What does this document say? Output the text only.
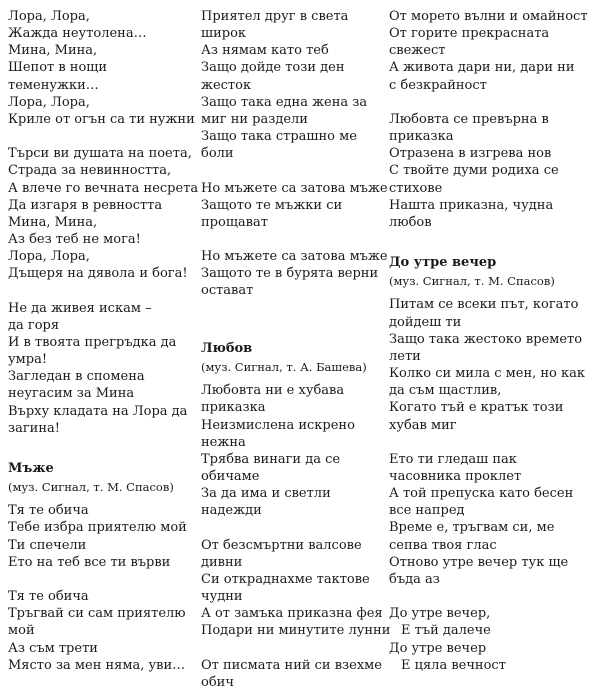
Лора, Лора,
Жажда неутолена…
Мина, Мина,
Шепот в нощи
теменужки…
Лора, Лора,
Криле от огън са ти нужни
Търси ви душата на поета,
Страда за невинността,
А влече го вечната несрета
Да изгаря в ревността
Мина, Мина,
Аз без теб не мога!
Лора, Лора,
Дъщеря на дявола и бога!
Не да живея искам –
да горя
И в твоята прегръдка да
умра!
Загледан в спомена
неугасим за Мина
Върху кладата на Лора да
загина!
Мъже
(муз. Сигнал, т. М. Спасов)
Тя те обича
Тебе избра приятелю мой
Ти спечели
Ето на теб все ти върви
Тя те обича
Тръгвай си сам приятелю
мой
Аз съм трети
Място за мен няма, уви…
Приятел друг в света
широк
Аз нямам като теб
Защо дойде този ден
жесток
Защо така една жена за
миг ни раздели
Защо така страшно ме
боли
Но мъжете са затова мъже
Защото те мъжки си
прощават
Но мъжете са затова мъже
Защото те в бурята верни
остават
Любов
(муз. Сигнал, т. А. Башева)
Любовта ни е хубава
приказка
Неизмислена искрено
нежна
Трябва винаги да се
обичаме
За да има и светли
надежди
От безсмъртни валсове
дивни
Си откраднахме тактове
чудни
А от замъка приказна фея
Подари ни минутите лунни
От писмата ний си взехме
обич
От морето вълни и омайност
От горите прекрасната
свежест
А живота дари ни, дари ни
с безкрайност
Любовта се превърна в
приказка
Отразена в изгрева нов
С твойте думи родиха се
стихове
Нашта приказна, чудна
любов
До утре вечер
(муз. Сигнал, т. М. Спасов)
Питам се всеки път, когато
дойдеш ти
Защо така жестоко времето
лети
Колко си мила с мен, но как
да съм щастлив,
Когато тъй е кратък този
хубав миг
Ето ти гледаш пак
часовника проклет
А той препуска като бесен
все напред
Време е, тръгвам си, ме
сепва твоя глас
Отново утре вечер тук ще
бъда аз
До утре вечер,
Е тъй далече
До утре вечер
Е цяла вечност
